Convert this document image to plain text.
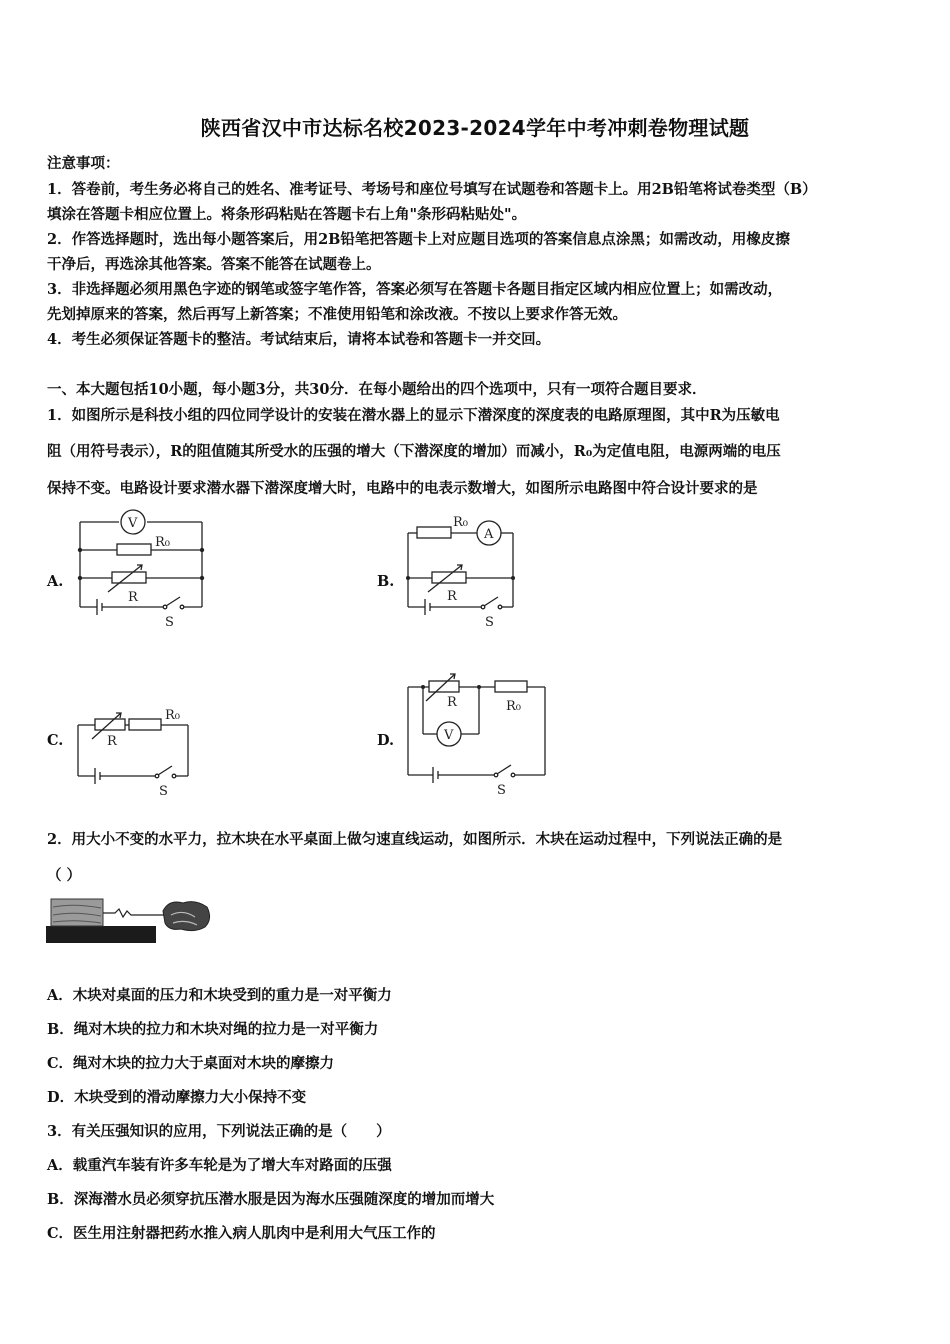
陕西省汉中市达标名校2023-2024学年中考冲刺卷物理试题
注意事项：
1．答卷前，考生务必将自己的姓名、准考证号、考场号和座位号填写在试题卷和答题卡上。用2B铅笔将试卷类型（B）
填涂在答题卡相应位置上。将条形码粘贴在答题卡右上角"条形码粘贴处"。
2．作答选择题时，选出每小题答案后，用2B铅笔把答题卡上对应题目选项的答案信息点涂黑；如需改动，用橡皮擦
干净后，再选涂其他答案。答案不能答在试题卷上。
3．非选择题必须用黑色字迹的钢笔或签字笔作答，答案必须写在答题卡各题目指定区域内相应位置上；如需改动，
先划掉原来的答案，然后再写上新答案；不准使用铅笔和涂改液。不按以上要求作答无效。
4．考生必须保证答题卡的整洁。考试结束后，请将本试卷和答题卡一并交回。
一、本大题包括10小题，每小题3分，共30分．在每小题给出的四个选项中，只有一项符合题目要求．
1．如图所示是科技小组的四位同学设计的安装在潜水器上的显示下潜深度的深度表的电路原理图，其中R为压敏电
阻（用符号表示），R的阻值随其所受水的压强的增大（下潜深度的增加）而减小，R₀为定值电阻，电源两端的电压
保持不变。电路设计要求潜水器下潜深度增大时，电路中的电表示数增大，如图所示电路图中符合设计要求的是
A.
V
R₀
R
S
B.
R₀
A
R
S
C.	R
R₀
S
D.
R	R₀
V
S
2．用大小不变的水平力，拉木块在水平桌面上做匀速直线运动，如图所示．木块在运动过程中，下列说法正确的是
（ ）
A．木块对桌面的压力和木块受到的重力是一对平衡力
B．绳对木块的拉力和木块对绳的拉力是一对平衡力
C．绳对木块的拉力大于桌面对木块的摩擦力
D．木块受到的滑动摩擦力大小保持不变
3．有关压强知识的应用，下列说法正确的是（　　）
A．载重汽车装有许多车轮是为了增大车对路面的压强
B．深海潜水员必须穿抗压潜水服是因为海水压强随深度的增加而增大
C．医生用注射器把药水推入病人肌肉中是利用大气压工作的
